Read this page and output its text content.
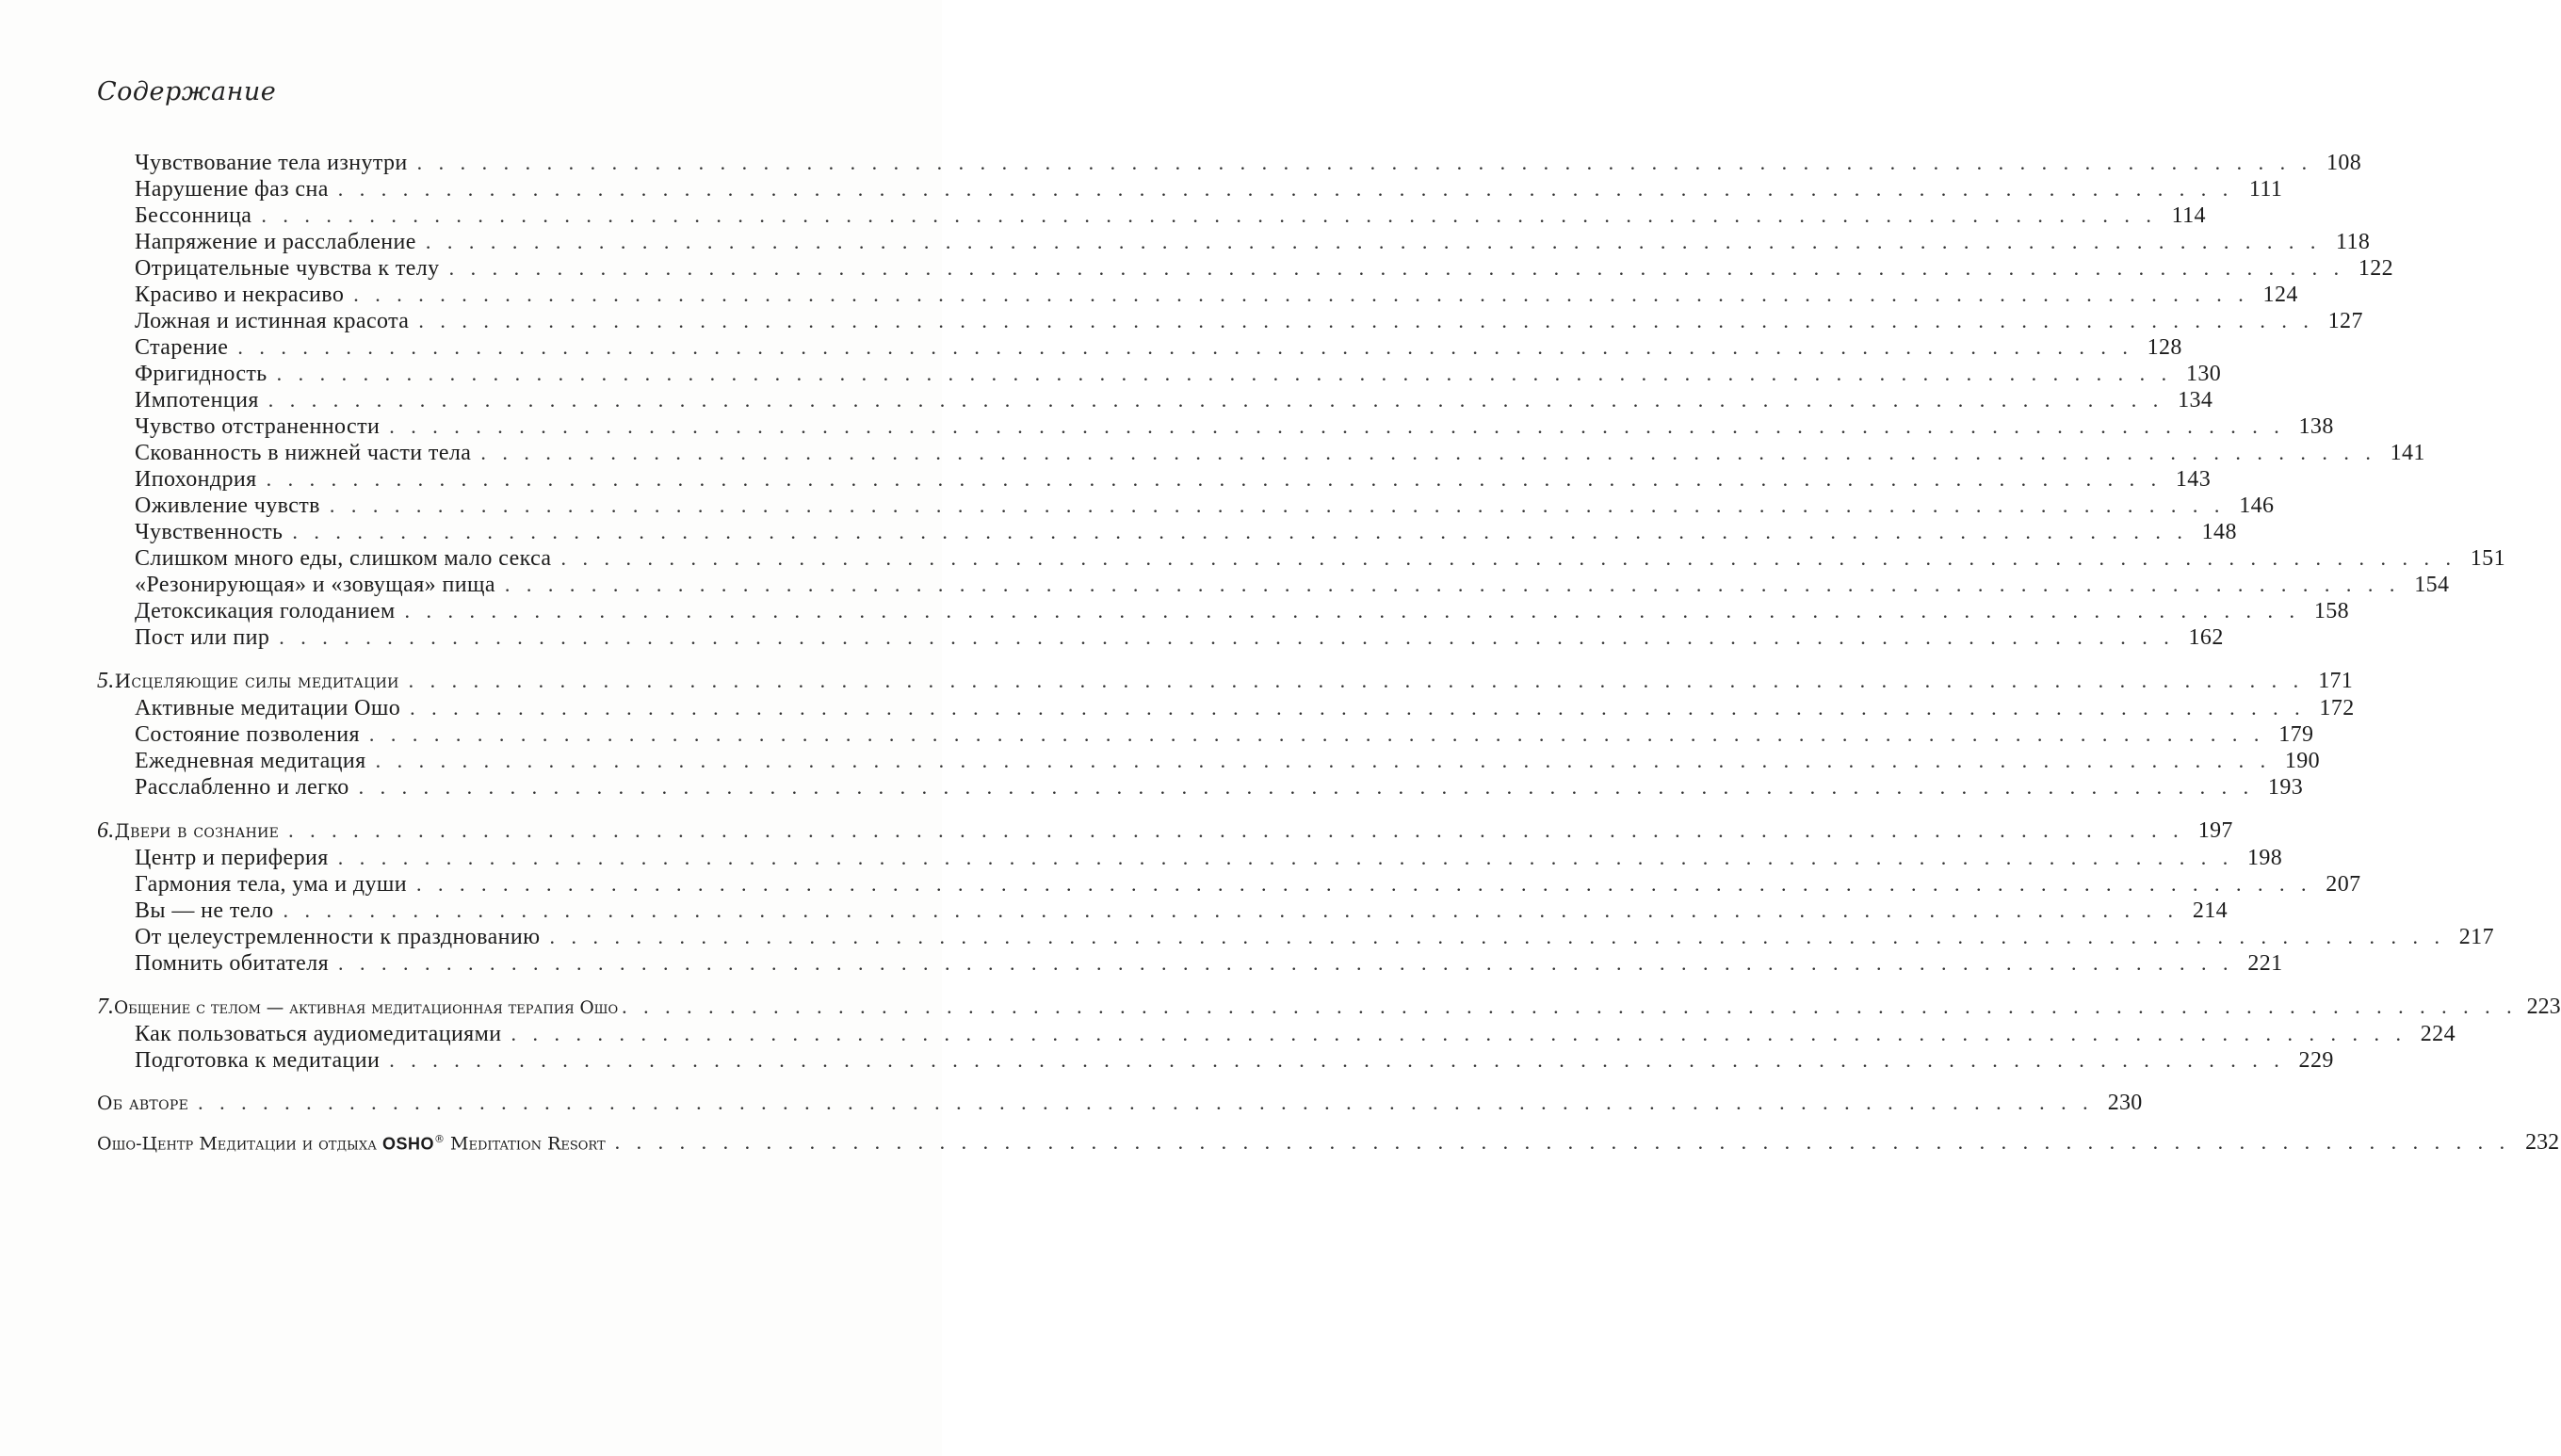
Содержание
Чувствование тела изнутри . . . . . . . . . . . . . . . . . . . . . . . . . . . . . . . . . . . . . . . . . . . . . . . . . . . . . . . . . . . . . . . . . . . . . . . . . . . . . . . . . . . . . . . . 108
Нарушение фаз сна . . . . . . . . . . . . . . . . . . . . . . . . . . . . . . . . . . . . . . . . . . . . . . . . . . . . . . . . . . . . . . . . . . . . . . . . . . . . . . . . . . . . . . . . 111
Бессонница . . . . . . . . . . . . . . . . . . . . . . . . . . . . . . . . . . . . . . . . . . . . . . . . . . . . . . . . . . . . . . . . . . . . . . . . . . . . . . . . . . . . . . . . 114
Напряжение и расслабление . . . . . . . . . . . . . . . . . . . . . . . . . . . . . . . . . . . . . . . . . . . . . . . . . . . . . . . . . . . . . . . . . . . . . . . . . . . . . . . . . . . . . . . . 118
Отрицательные чувства к телу . . . . . . . . . . . . . . . . . . . . . . . . . . . . . . . . . . . . . . . . . . . . . . . . . . . . . . . . . . . . . . . . . . . . . . . . . . . . . . . . . . . . . . . . 122
Красиво и некрасиво . . . . . . . . . . . . . . . . . . . . . . . . . . . . . . . . . . . . . . . . . . . . . . . . . . . . . . . . . . . . . . . . . . . . . . . . . . . . . . . . . . . . . . . . 124
Ложная и истинная красота . . . . . . . . . . . . . . . . . . . . . . . . . . . . . . . . . . . . . . . . . . . . . . . . . . . . . . . . . . . . . . . . . . . . . . . . . . . . . . . . . . . . . . . . 127
Старение . . . . . . . . . . . . . . . . . . . . . . . . . . . . . . . . . . . . . . . . . . . . . . . . . . . . . . . . . . . . . . . . . . . . . . . . . . . . . . . . . . . . . . . . 128
Фригидность . . . . . . . . . . . . . . . . . . . . . . . . . . . . . . . . . . . . . . . . . . . . . . . . . . . . . . . . . . . . . . . . . . . . . . . . . . . . . . . . . . . . . . . . 130
Импотенция . . . . . . . . . . . . . . . . . . . . . . . . . . . . . . . . . . . . . . . . . . . . . . . . . . . . . . . . . . . . . . . . . . . . . . . . . . . . . . . . . . . . . . . . 134
Чувство отстраненности . . . . . . . . . . . . . . . . . . . . . . . . . . . . . . . . . . . . . . . . . . . . . . . . . . . . . . . . . . . . . . . . . . . . . . . . . . . . . . . . . . . . . . . . 138
Скованность в нижней части тела . . . . . . . . . . . . . . . . . . . . . . . . . . . . . . . . . . . . . . . . . . . . . . . . . . . . . . . . . . . . . . . . . . . . . . . . . . . . . . . . . . . . . . . . 141
Ипохондрия . . . . . . . . . . . . . . . . . . . . . . . . . . . . . . . . . . . . . . . . . . . . . . . . . . . . . . . . . . . . . . . . . . . . . . . . . . . . . . . . . . . . . . . . 143
Оживление чувств . . . . . . . . . . . . . . . . . . . . . . . . . . . . . . . . . . . . . . . . . . . . . . . . . . . . . . . . . . . . . . . . . . . . . . . . . . . . . . . . . . . . . . . . 146
Чувственность . . . . . . . . . . . . . . . . . . . . . . . . . . . . . . . . . . . . . . . . . . . . . . . . . . . . . . . . . . . . . . . . . . . . . . . . . . . . . . . . . . . . . . . . 148
Слишком много еды, слишком мало секса . . . . . . . . . . . . . . . . . . . . . . . . . . . . . . . . . . . . . . . . . . . . . . . . . . . . . . . . . . . . . . . . . . . . . . . . . . . . . . . . . . . . . . . . 151
«Резонирующая» и «зовущая» пища . . . . . . . . . . . . . . . . . . . . . . . . . . . . . . . . . . . . . . . . . . . . . . . . . . . . . . . . . . . . . . . . . . . . . . . . . . . . . . . . . . . . . . . . 154
Детоксикация голоданием . . . . . . . . . . . . . . . . . . . . . . . . . . . . . . . . . . . . . . . . . . . . . . . . . . . . . . . . . . . . . . . . . . . . . . . . . . . . . . . . . . . . . . . . 158
Пост или пир . . . . . . . . . . . . . . . . . . . . . . . . . . . . . . . . . . . . . . . . . . . . . . . . . . . . . . . . . . . . . . . . . . . . . . . . . . . . . . . . . . . . . . . . 162
5. Исцеляющие силы медитации . . . . . . . . . . . . . . . . . . . . . . . . . . . . . . . . . . . . . . . . . . . . . . . . . . . . . . . . . . . . . . . . . . . . . . . . . . . . . . . . . . . . . . . . 171
Активные медитации Ошо . . . . . . . . . . . . . . . . . . . . . . . . . . . . . . . . . . . . . . . . . . . . . . . . . . . . . . . . . . . . . . . . . . . . . . . . . . . . . . . . . . . . . . . . 172
Состояние позволения . . . . . . . . . . . . . . . . . . . . . . . . . . . . . . . . . . . . . . . . . . . . . . . . . . . . . . . . . . . . . . . . . . . . . . . . . . . . . . . . . . . . . . . . 179
Ежедневная медитация . . . . . . . . . . . . . . . . . . . . . . . . . . . . . . . . . . . . . . . . . . . . . . . . . . . . . . . . . . . . . . . . . . . . . . . . . . . . . . . . . . . . . . . . 190
Расслабленно и легко . . . . . . . . . . . . . . . . . . . . . . . . . . . . . . . . . . . . . . . . . . . . . . . . . . . . . . . . . . . . . . . . . . . . . . . . . . . . . . . . . . . . . . . . 193
6. Двери в сознание . . . . . . . . . . . . . . . . . . . . . . . . . . . . . . . . . . . . . . . . . . . . . . . . . . . . . . . . . . . . . . . . . . . . . . . . . . . . . . . . . . . . . . . . 197
Центр и периферия . . . . . . . . . . . . . . . . . . . . . . . . . . . . . . . . . . . . . . . . . . . . . . . . . . . . . . . . . . . . . . . . . . . . . . . . . . . . . . . . . . . . . . . . 198
Гармония тела, ума и души . . . . . . . . . . . . . . . . . . . . . . . . . . . . . . . . . . . . . . . . . . . . . . . . . . . . . . . . . . . . . . . . . . . . . . . . . . . . . . . . . . . . . . . . 207
Вы — не тело . . . . . . . . . . . . . . . . . . . . . . . . . . . . . . . . . . . . . . . . . . . . . . . . . . . . . . . . . . . . . . . . . . . . . . . . . . . . . . . . . . . . . . . . 214
От целеустремленности к празднованию . . . . . . . . . . . . . . . . . . . . . . . . . . . . . . . . . . . . . . . . . . . . . . . . . . . . . . . . . . . . . . . . . . . . . . . . . . . . . . . . . . . . . . . . 217
Помнить обитателя . . . . . . . . . . . . . . . . . . . . . . . . . . . . . . . . . . . . . . . . . . . . . . . . . . . . . . . . . . . . . . . . . . . . . . . . . . . . . . . . . . . . . . . . 221
7. Общение с телом — активная медитационная терапия Ошо . . . . . . . . . . . . . . . . . . . . . . . . . . . . . . . . . . . . . . . . . . . . . . . . . . . . . . . . . . . . . . . . . . . . . . . . . . . . . . . . . . . . . . . . 223
Как пользоваться аудиомедитациями . . . . . . . . . . . . . . . . . . . . . . . . . . . . . . . . . . . . . . . . . . . . . . . . . . . . . . . . . . . . . . . . . . . . . . . . . . . . . . . . . . . . . . . . 224
Подготовка к медитации . . . . . . . . . . . . . . . . . . . . . . . . . . . . . . . . . . . . . . . . . . . . . . . . . . . . . . . . . . . . . . . . . . . . . . . . . . . . . . . . . . . . . . . . 229
Об авторе . . . . . . . . . . . . . . . . . . . . . . . . . . . . . . . . . . . . . . . . . . . . . . . . . . . . . . . . . . . . . . . . . . . . . . . . . . . . . . . . . . . . . . . . 230
Ошо-Центр Медитации и отдыха OSHO® Meditation Resort . . . . . . . . . . . . . . . . . . . . . . . . . . . . . . . . . . . . . . . . . . . . . . . . . . . . . . . . . . . . . . . . . . . . . . . . . . . . . . . . . . . . . . . . 232
